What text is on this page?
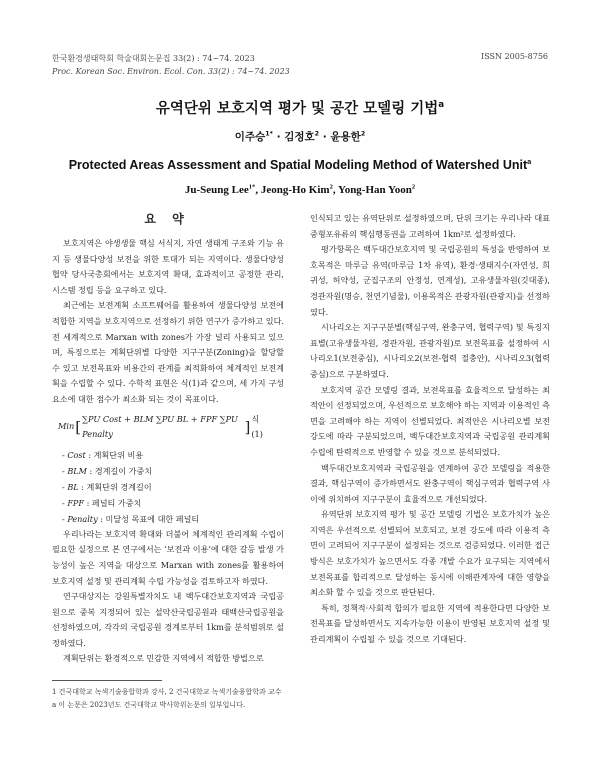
한국환경생태학회 학술대회논문집 33(2) : 74~74. 2023
Proc. Korean Soc. Environ. Ecol. Con. 33(2) : 74~74. 2023
ISSN 2005-8756
유역단위 보호지역 평가 및 공간 모델링 기법$^a$
이주승$^{1*}$ · 김정호$^2$ · 윤용한$^2$
Protected Areas Assessment and Spatial Modeling Method of Watershed Unit$^a$
Ju-Seung Lee$^{1*}$, Jeong-Ho Kim$^2$, Yong-Han Yoon$^2$
요 약

보호지역은 야생생물 핵심 서식지, 자연 생태계 구조와 기능 유지 등 생물다양성 보전을 위한 토대가 되는 지역이다. 생물다양성협약 당사국총회에서는 보호지역 확대, 효과적이고 공정한 관리, 시스템 정립 등을 요구하고 있다.

최근에는 보전계획 소프트웨어를 활용하여 생물다양성 보전에 적합한 지역을 보호지역으로 선정하기 위한 연구가 증가하고 있다. 전 세계적으로 Marxan with zones가 가장 널리 사용되고 있으며, 특징으로는 계획단위별 다양한 지구구분(Zoning)을 할당할 수 있고 보전목표와 비용간의 관계를 최적화하여 체계적인 보전계획을 수립할 수 있다. 수학적 표현은 식(1)과 같으며, 세 가지 구성 요소에 대한 점수가 최소화 되는 것이 목표이다.

Min [ ∑PU Cost + BLM ∑PU BL + FPF ∑PU Penalty	] 식(1)
- Cost : 계획단위 비용
- BLM : 경계길이 가중치
- BL : 계획단위 경계길이
- FPF : 페널티 가중치
- Penalty : 미달성 목표에 대한 페널티

우리나라는 보호지역 확대와 더불어 체계적인 관리계획 수립이 필요한 실정으로 본 연구에서는 ‘보전과 이용’에 대한 갈등 발생 가능성이 높은 지역을 대상으로 Marxan with zones를 활용하여 보호지역 설정 및 관리계획 수립 가능성을 검토하고자 하였다.

연구대상지는 강원특별자치도 내 백두대간보호지역과 국립공원으로 중복 지정되어 있는 설악산국립공원과 태백산국립공원을 선정하였으며, 각각의 국립공원 경계로부터 1km를 분석범위로 설정하였다.

계획단위는 환경적으로 민감한 지역에서 적합한 방법으로

인식되고 있는 유역단위로 설정하였으며, 단위 크기는 우리나라 대표 중형포유류의 핵심행동권을 고려하여 1km²로 설정하였다.

평가항목은 백두대간보호지역 및 국립공원의 특성을 반영하여 보호목적은 마루금 유역(마루금 1차 유역), 환경·생태지수(자연성, 희귀성, 허약성, 군집구조의 안정성, 연계성), 고유생물자원(깃대종), 경관자원(명승, 천연기념물), 이용목적은 관광자원(관광지)을 선정하였다.

시나리오는 지구구분별(핵심구역, 완충구역, 협력구역) 및 특징지표별(고유생물자원, 경관자원, 관광자원)로 보전목표를 설정하여 시나리오1(보전중심), 시나리오2(보전-협력 절충안), 시나리오3(협력중심)으로 구분하였다.

보호지역 공간 모델링 결과, 보전목표를 효율적으로 달성하는 최적안이 선정되었으며, 우선적으로 보호해야 하는 지역과 이용적인 측면을 고려해야 하는 지역이 선별되었다. 최적안은 시나리오별 보전 강도에 따라 구분되었으며, 백두대간보호지역과 국립공원 관리계획 수립에 탄력적으로 반영할 수 있을 것으로 분석되었다.

백두대간보호지역과 국립공원을 연계하여 공간 모델링을 적용한 결과, 핵심구역이 증가하면서도 완충구역이 핵심구역과 협력구역 사이에 위치하여 지구구분이 효율적으로 개선되었다.

유역단위 보호지역 평가 및 공간 모델링 기법은 보호가치가 높은 지역은 우선적으로 선별되어 보호되고, 보전 강도에 따라 이용적 측면이 고려되어 지구구분이 설정되는 것으로 검증되었다. 이러한 접근방식은 보호가치가 높으면서도 각종 개발 수요가 요구되는 지역에서 보전목표를 합리적으로 달성하는 동시에 이해관계자에 대한 영향을 최소화 할 수 있을 것으로 판단된다.

특히, 정책적·사회적 합의가 필요한 지역에 적용한다면 다양한 보전목표를 달성하면서도 지속가능한 이용이 반영된 보호지역 설정 및 관리계획이 수립될 수 있을 것으로 기대된다.

1 건국대학교 녹색기술융합학과 강사, 2 건국대학교 녹색기술융합학과 교수
a 이 논문은 2023년도 건국대학교 박사학위논문의 일부입니다.
